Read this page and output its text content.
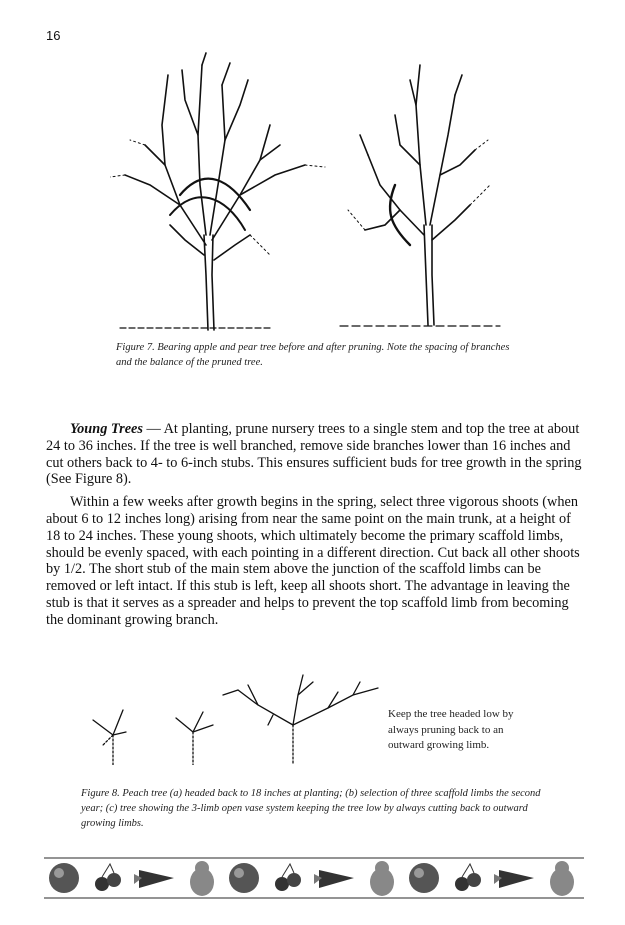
16
Figure 7. Bearing apple and pear tree before and after pruning. Note the spacing of branches and the balance of the pruned tree.

Young Trees — At planting, prune nursery trees to a single stem and top the tree at about 24 to 36 inches. If the tree is well branched, remove side branches lower than 16 inches and cut others back to 4- to 6-inch stubs. This ensures sufficient buds for tree growth in the spring (See Figure 8).

Within a few weeks after growth begins in the spring, select three vigorous shoots (when about 6 to 12 inches long) arising from near the same point on the main trunk, at a height of 18 to 24 inches. These young shoots, which ultimately become the primary scaffold limbs, should be evenly spaced, with each pointing in a different direction. Cut back all other shoots by 1/2. The short stub of the main stem above the junction of the scaffold limbs can be removed or left intact. If this stub is left, keep all shoots short. The advantage in leaving the stub is that it serves as a spreader and helps to prevent the top scaffold limb from becoming the dominant growing branch.

Keep the tree headed low by always pruning back to an outward growing limb.
Figure 8. Peach tree (a) headed back to 18 inches at planting; (b) selection of three scaffold limbs the second year; (c) tree showing the 3-limb open vase system keeping the tree low by always cutting back to outward growing limbs.
